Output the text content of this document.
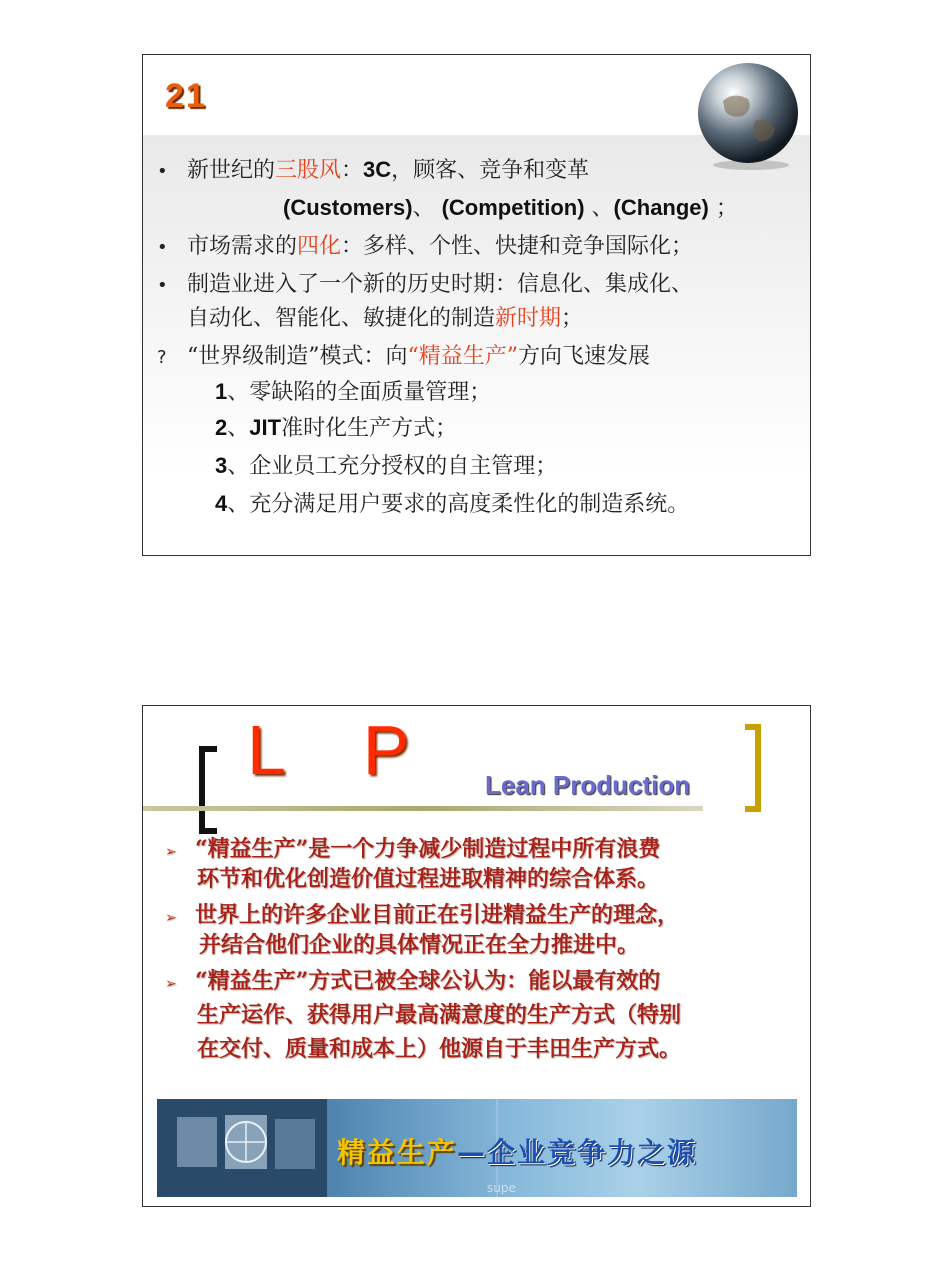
21
• 新世纪的三股风：3C，顾客、竞争和变革
(Customers)、 (Competition) 、(Change) ；
• 市场需求的四化：多样、个性、快捷和竞争国际化；
• 制造业进入了一个新的历史时期：信息化、集成化、
自动化、智能化、敏捷化的制造新时期；
? “世界级制造”模式：向“精益生产”方向飞速发展
1、零缺陷的全面质量管理；
2、JIT准时化生产方式；
3、企业员工充分授权的自主管理；
4、充分满足用户要求的高度柔性化的制造系统。
L P Lean Production
➢ “精益生产”是一个力争减少制造过程中所有浪费
环节和优化创造价值过程进取精神的综合体系。
➢ 世界上的许多企业目前正在引进精益生产的理念，
并结合他们企业的具体情况正在全力推进中。
➢ “精益生产”方式已被全球公认为：能以最有效的
生产运作、获得用户最高满意度的生产方式（特别
在交付、质量和成本上）他源自于丰田生产方式。
精益生产—企业竞争力之源
supe
